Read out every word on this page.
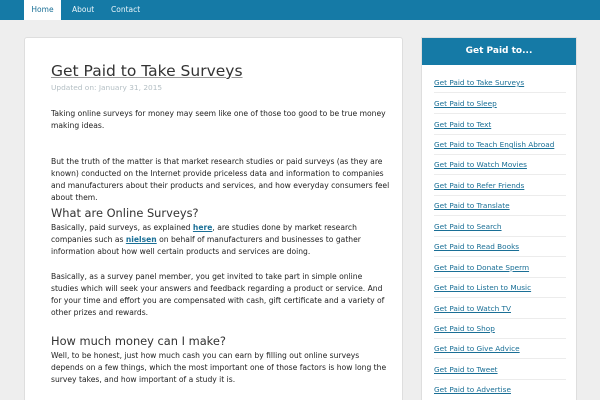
Home	About Contact
Get Paid to Take Surveys
Updated on: January 31, 2015
Taking online surveys for money may seem like one of those too good to be true money making ideas.
But the truth of the matter is that market research studies or paid surveys (as they are known) conducted on the Internet provide priceless data and information to companies and manufacturers about their products and services, and how everyday consumers feel about them.
What are Online Surveys?
Basically, paid surveys, as explained here, are studies done by market research companies such as nielsen on behalf of manufacturers and businesses to gather information about how well certain products and services are doing.
Basically, as a survey panel member, you get invited to take part in simple online studies which will seek your answers and feedback regarding a product or service. And for your time and effort you are compensated with cash, gift certificate and a variety of other prizes and rewards.
How much money can I make?
Well, to be honest, just how much cash you can earn by filling out online surveys depends on a few things, which the most important one of those factors is how long the survey takes, and how important of a study it is.
Get Paid to...
Get Paid to Take Surveys
Get Paid to Sleep
Get Paid to Text
Get Paid to Teach English Abroad
Get Paid to Watch Movies
Get Paid to Refer Friends
Get Paid to Translate
Get Paid to Search
Get Paid to Read Books
Get Paid to Donate Sperm
Get Paid to Listen to Music
Get Paid to Watch TV
Get Paid to Shop
Get Paid to Give Advice
Get Paid to Tweet
Get Paid to Advertise
